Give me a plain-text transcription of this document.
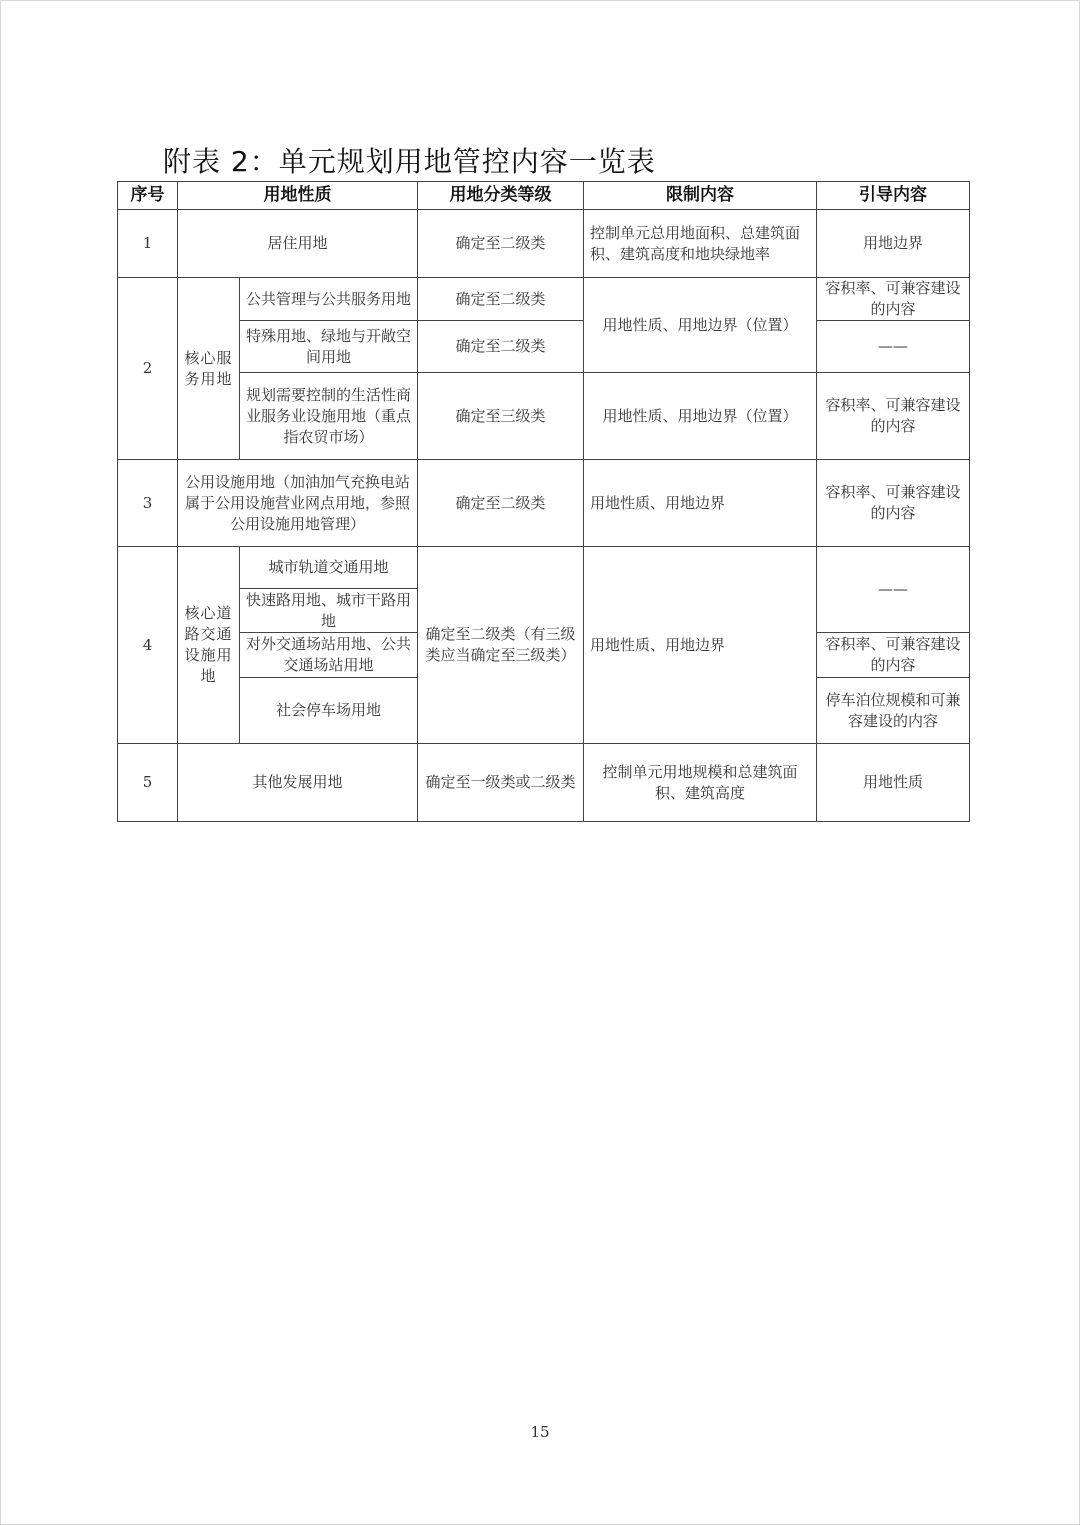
附表 2：单元规划用地管控内容一览表
序号	用地性质		用地分类等级	限制内容	引导内容
1	居住用地		确定至二级类	控制单元总用地面积、总建筑面积、建筑高度和地块绿地率	用地边界
2	核心服务用地	公共管理与公共服务用地	确定至二级类	用地性质、用地边界（位置）	容积率、可兼容建设的内容
		特殊用地、绿地与开敞空间用地	确定至二级类		——
		规划需要控制的生活性商业服务业设施用地（重点指农贸市场）	确定至三级类	用地性质、用地边界（位置）	容积率、可兼容建设的内容
3	公用设施用地（加油加气充换电站属于公用设施营业网点用地，参照公用设施用地管理）		确定至二级类	用地性质、用地边界	容积率、可兼容建设的内容
4	核心道路交通设施用地	城市轨道交通用地	确定至二级类（有三级类应当确定至三级类）	用地性质、用地边界	——
		快速路用地、城市干路用地			
		对外交通场站用地、公共交通场站用地			容积率、可兼容建设的内容
		社会停车场用地			停车泊位规模和可兼容建设的内容
5	其他发展用地		确定至一级类或二级类	控制单元用地规模和总建筑面积、建筑高度	用地性质
15
